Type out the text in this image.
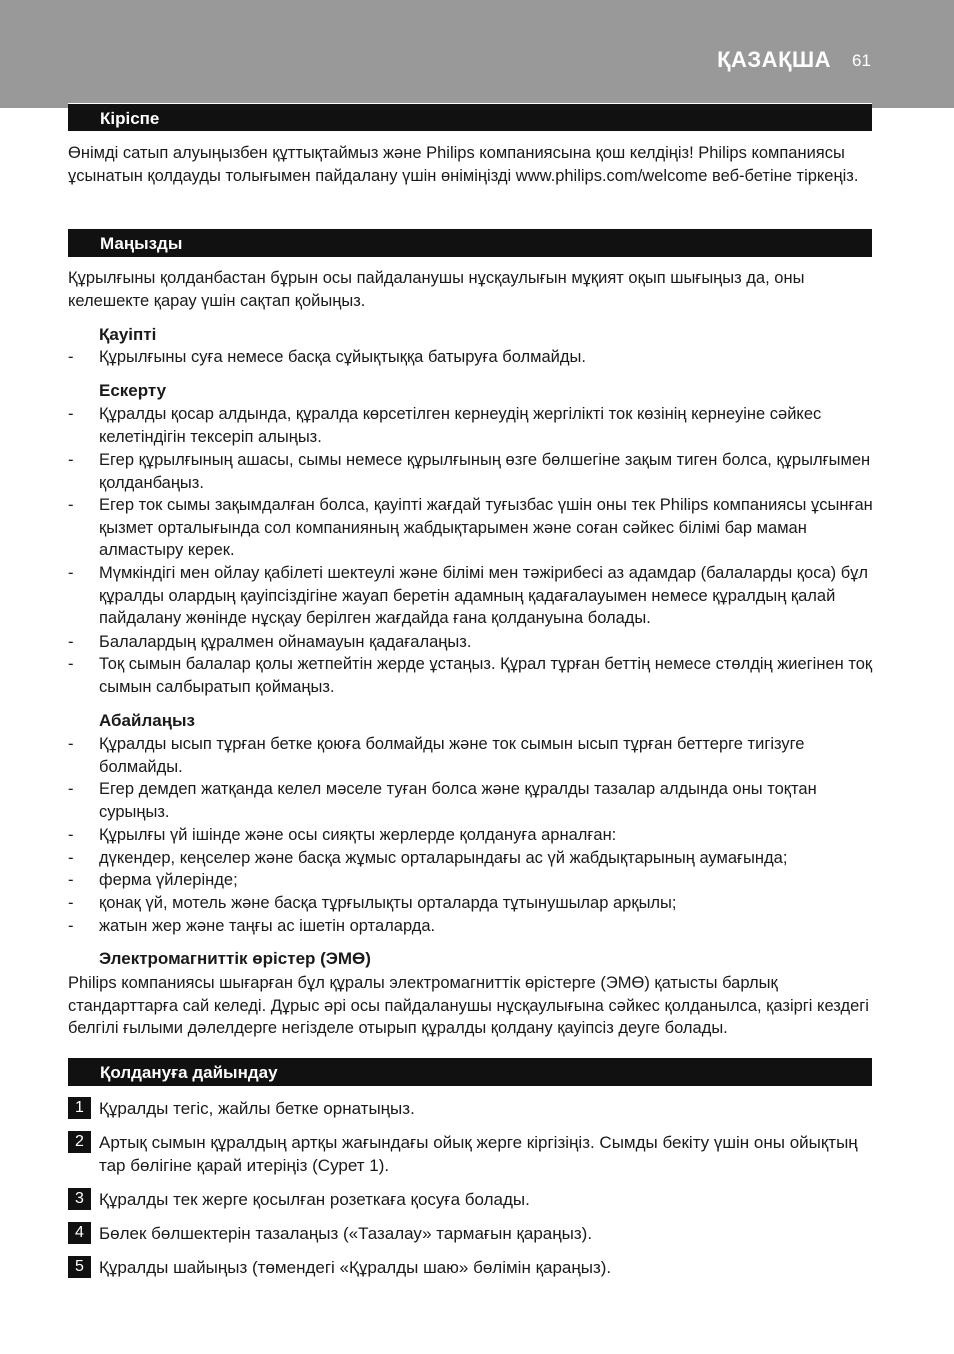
ҚАЗАҚША 61
Кіріспе

Өнімді сатып алуыңызбен құттықтаймыз және Philips компаниясына қош келдіңіз! Philips компаниясы ұсынатын қолдауды толығымен пайдалану үшін өніміңізді www.philips.com/welcome веб-бетіне тіркеңіз.

Маңызды

Құрылғыны қолданбастан бұрын осы пайдаланушы нұсқаулығын мұқият оқып шығыңыз да, оны келешекте қарау үшін сақтап қойыңыз.

Қауіпті
- Құрылғыны суға немесе басқа сұйықтыққа батыруға болмайды.
Ескерту
- Құралды қосар алдында, құралда көрсетілген кернеудің жергілікті ток көзінің кернеуіне сәйкес келетіндігін тексеріп алыңыз.
- Егер құрылғының ашасы, сымы немесе құрылғының өзге бөлшегіне зақым тиген болса, құрылғымен қолданбаңыз.
- Егер ток сымы зақымдалған болса, қауіпті жағдай туғызбас үшін оны тек Philips компаниясы ұсынған қызмет орталығында сол компанияның жабдықтарымен және соған сәйкес білімі бар маман алмастыру керек.
- Мүмкіндігі мен ойлау қабілеті шектеулі және білімі мен тәжірибесі аз адамдар (балаларды қоса) бұл құралды олардың қауіпсіздігіне жауап беретін адамның қадағалауымен немесе құралдың қалай пайдалану жөнінде нұсқау берілген жағдайда ғана қолдануына болады.
- Балалардың құралмен ойнамауын қадағалаңыз.
- Тоқ сымын балалар қолы жетпейтін жерде ұстаңыз. Құрал тұрған беттің немесе стөлдің жиегінен тоқ сымын салбыратып қоймаңыз.
Абайлаңыз
- Құралды ысып тұрған бетке қоюға болмайды және ток сымын ысып тұрған беттерге тигізуге болмайды.
- Егер демдеп жатқанда келел мәселе туған болса және құралды тазалар алдында оны тоқтан сурыңыз.
- Құрылғы үй ішінде және осы сияқты жерлерде қолдануға арналған:
- дүкендер, кеңселер және басқа жұмыс орталарындағы ас үй жабдықтарының аумағында;
- ферма үйлерінде;
- қонақ үй, мотель және басқа тұрғылықты орталарда тұтынушылар арқылы;
- жатын жер және таңғы ас ішетін орталарда.
Электромагниттік өрістер (ЭМӨ)

Philips компаниясы шығарған бұл құралы электромагниттік өрістерге (ЭМӨ) қатысты барлық стандарттарға сай келеді. Дұрыс әрі осы пайдаланушы нұсқаулығына сәйкес қолданылса, қазіргі кездегі белгілі ғылыми дәлелдерге негізделе отырып құралды қолдану қауіпсіз деуге болады.

Қолдануға дайындау
1 Құралды тегіс, жайлы бетке орнатыңыз.
2 Артық сымын құралдың артқы жағындағы ойық жерге кіргізіңіз. Сымды бекіту үшін оны ойықтың тар бөлігіне қарай итеріңіз (Сурет 1).
3 Құралды тек жерге қосылған розеткаға қосуға болады.
4 Бөлек бөлшектерін тазалаңыз («Тазалау» тармағын қараңыз).
5 Құралды шайыңыз (төмендегі «Құралды шаю» бөлімін қараңыз).
